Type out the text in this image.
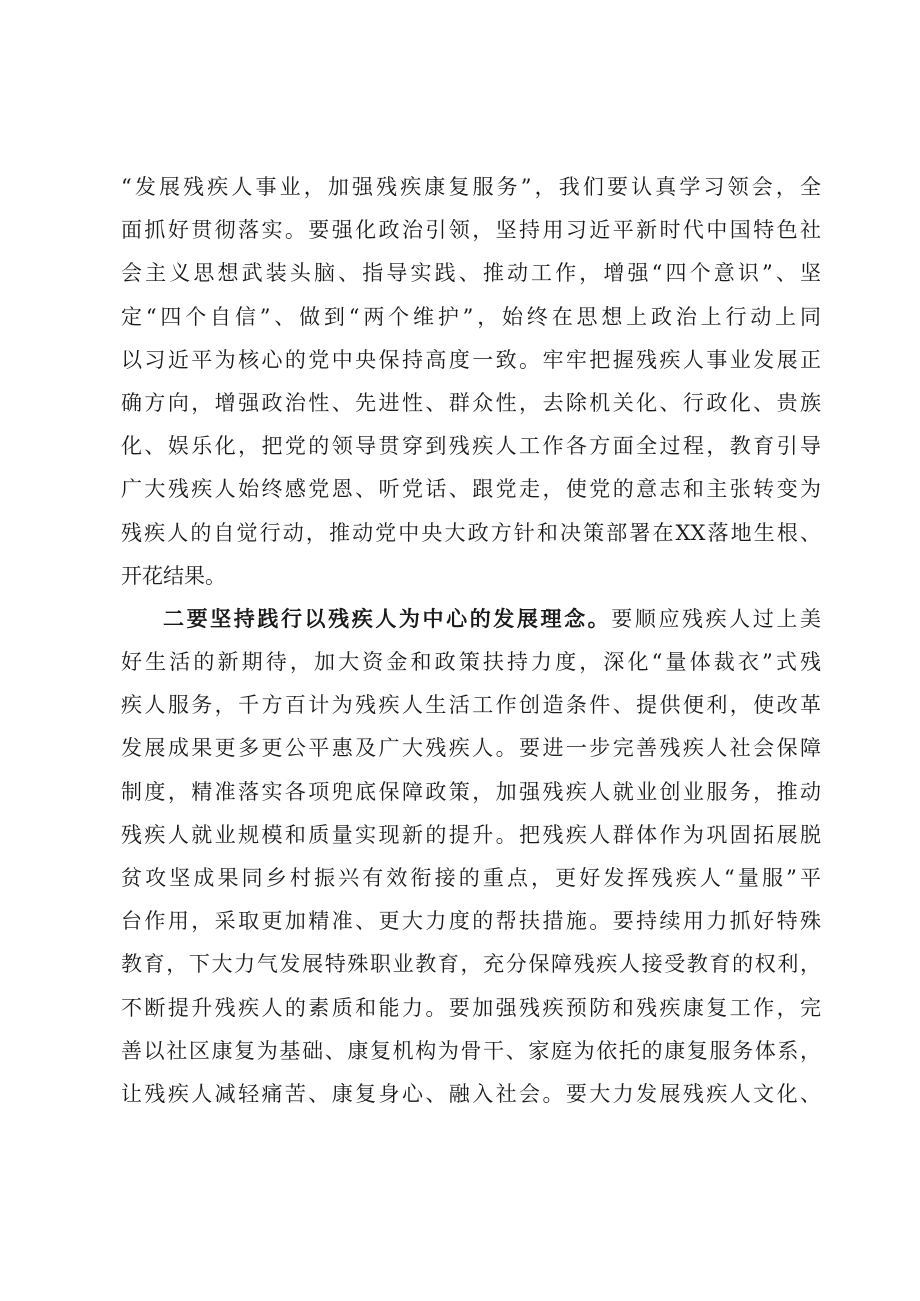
“发展残疾人事业，加强残疾康复服务”，我们要认真学习领会，全
面抓好贯彻落实。要强化政治引领，坚持用习近平新时代中国特色社
会主义思想武装头脑、指导实践、推动工作，增强“四个意识”、坚
定“四个自信”、做到“两个维护”，始终在思想上政治上行动上同
以习近平为核心的党中央保持高度一致。牢牢把握残疾人事业发展正
确方向，增强政治性、先进性、群众性，去除机关化、行政化、贵族
化、娱乐化，把党的领导贯穿到残疾人工作各方面全过程，教育引导
广大残疾人始终感党恩、听党话、跟党走，使党的意志和主张转变为
残疾人的自觉行动，推动党中央大政方针和决策部署在XX落地生根、
开花结果。
二要坚持践行以残疾人为中心的发展理念。要顺应残疾人过上美
好生活的新期待，加大资金和政策扶持力度，深化“量体裁衣”式残
疾人服务，千方百计为残疾人生活工作创造条件、提供便利，使改革
发展成果更多更公平惠及广大残疾人。要进一步完善残疾人社会保障
制度，精准落实各项兜底保障政策，加强残疾人就业创业服务，推动
残疾人就业规模和质量实现新的提升。把残疾人群体作为巩固拓展脱
贫攻坚成果同乡村振兴有效衔接的重点，更好发挥残疾人“量服”平
台作用，采取更加精准、更大力度的帮扶措施。要持续用力抓好特殊
教育，下大力气发展特殊职业教育，充分保障残疾人接受教育的权利，
不断提升残疾人的素质和能力。要加强残疾预防和残疾康复工作，完
善以社区康复为基础、康复机构为骨干、家庭为依托的康复服务体系，
让残疾人减轻痛苦、康复身心、融入社会。要大力发展残疾人文化、
